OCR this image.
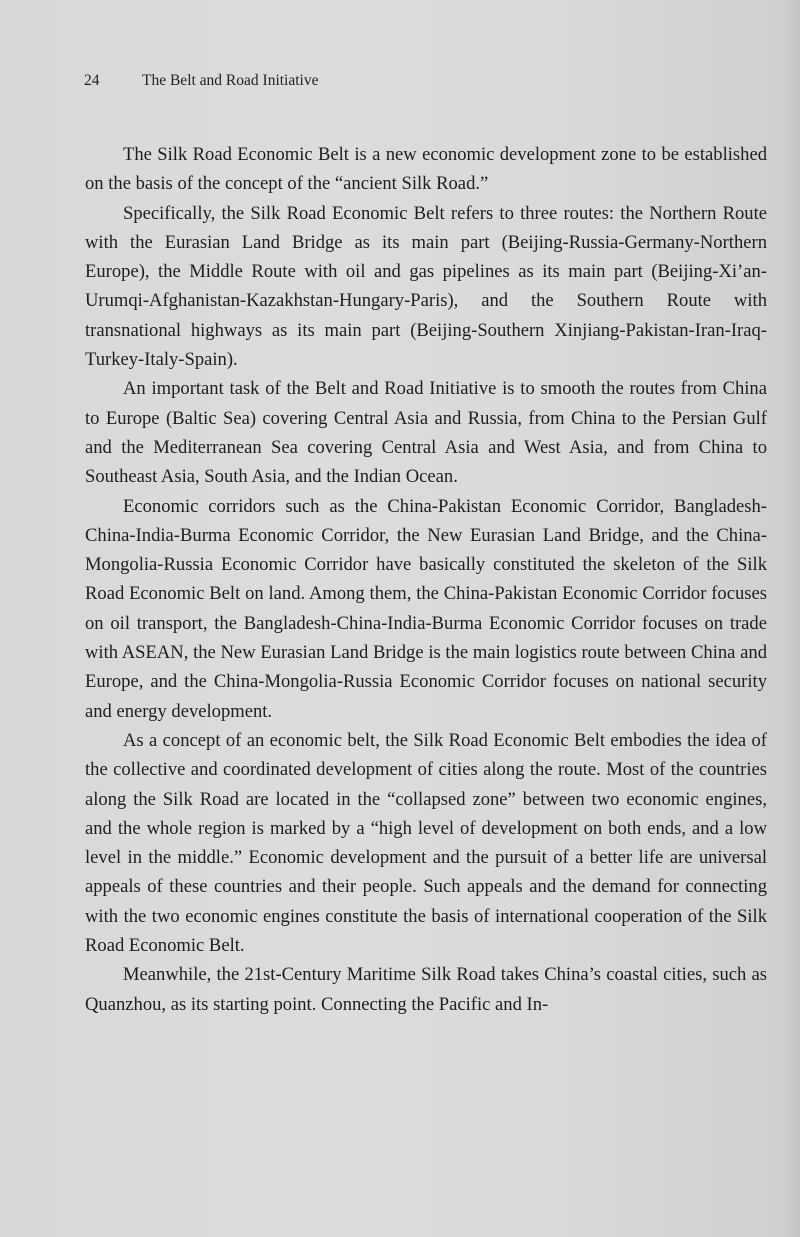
24	The Belt and Road Initiative

The Silk Road Economic Belt is a new economic development zone to be established on the basis of the concept of the “ancient Silk Road.”

Specifically, the Silk Road Economic Belt refers to three routes: the Northern Route with the Eurasian Land Bridge as its main part (Beijing-Russia-Germany-Northern Europe), the Middle Route with oil and gas pipelines as its main part (Beijing-Xi’an-Urumqi-Afghanistan-Kazakhstan-Hungary-Paris), and the Southern Route with transnational highways as its main part (Beijing-Southern Xinjiang-Pakistan-Iran-Iraq-Turkey-Italy-Spain).

An important task of the Belt and Road Initiative is to smooth the routes from China to Europe (Baltic Sea) covering Central Asia and Russia, from China to the Persian Gulf and the Mediterranean Sea covering Central Asia and West Asia, and from China to Southeast Asia, South Asia, and the Indian Ocean.

Economic corridors such as the China-Pakistan Economic Corridor, Bangladesh-China-India-Burma Economic Corridor, the New Eurasian Land Bridge, and the China-Mongolia-Russia Economic Corridor have basically constituted the skeleton of the Silk Road Economic Belt on land. Among them, the China-Pakistan Economic Corridor focuses on oil transport, the Bangladesh-China-India-Burma Economic Corridor focuses on trade with ASEAN, the New Eurasian Land Bridge is the main logistics route between China and Europe, and the China-Mongolia-Russia Economic Corridor focuses on national security and energy development.

As a concept of an economic belt, the Silk Road Economic Belt embodies the idea of the collective and coordinated development of cities along the route. Most of the countries along the Silk Road are located in the “collapsed zone” between two economic engines, and the whole region is marked by a “high level of development on both ends, and a low level in the middle.” Economic development and the pursuit of a better life are universal appeals of these countries and their people. Such appeals and the demand for connecting with the two economic engines constitute the basis of international cooperation of the Silk Road Economic Belt.

Meanwhile, the 21st-Century Maritime Silk Road takes China’s coastal cities, such as Quanzhou, as its starting point. Connecting the Pacific and In-
